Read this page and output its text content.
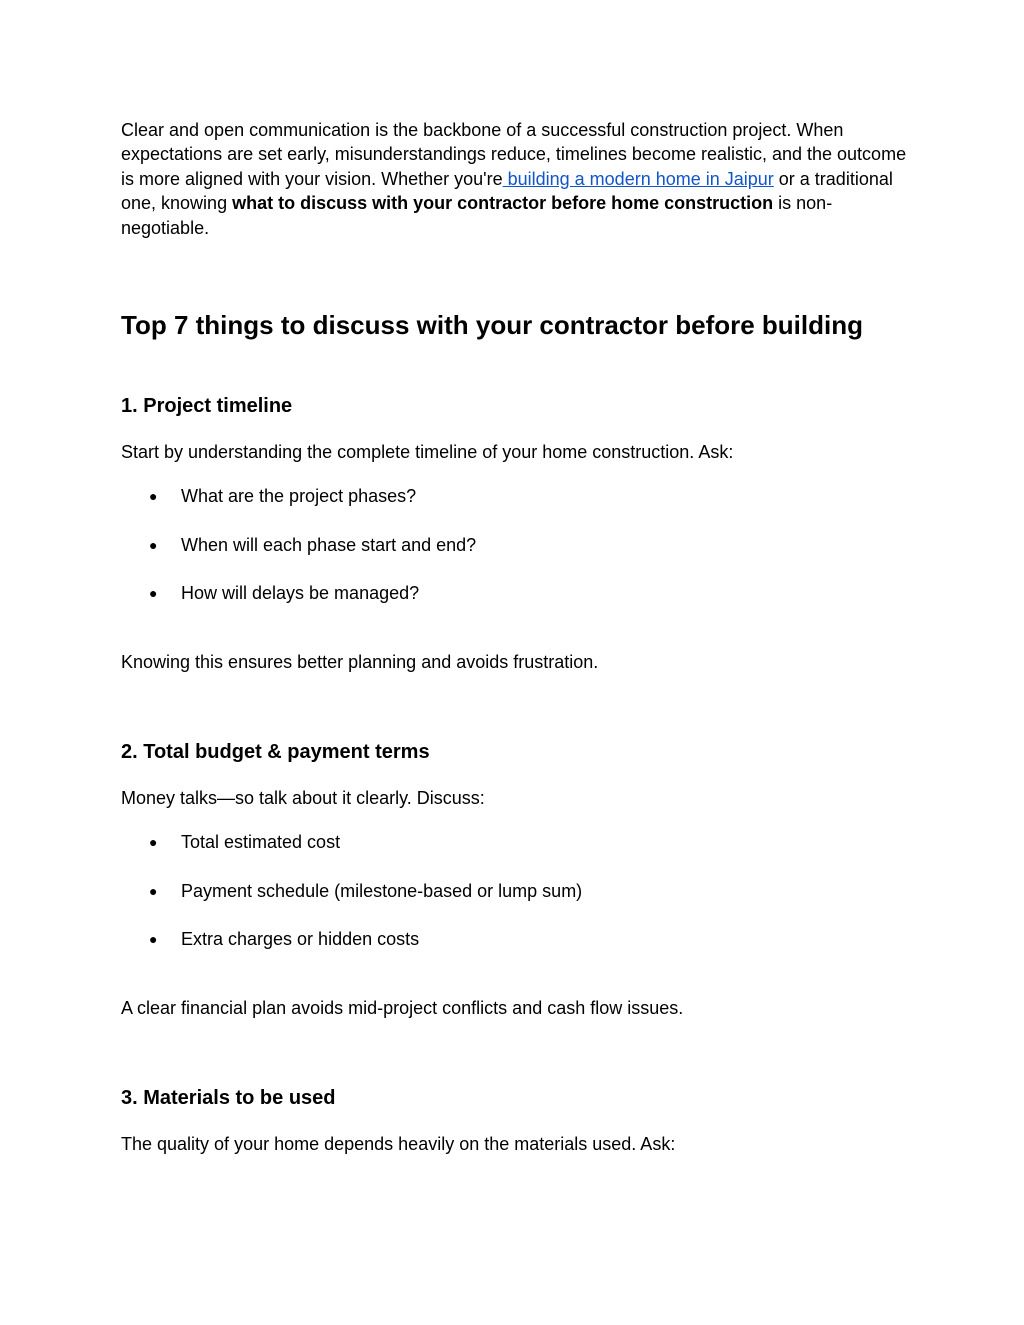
Clear and open communication is the backbone of a successful construction project. When expectations are set early, misunderstandings reduce, timelines become realistic, and the outcome is more aligned with your vision. Whether you're building a modern home in Jaipur or a traditional one, knowing what to discuss with your contractor before home construction is non-negotiable.

Top 7 things to discuss with your contractor before building
1. Project timeline

Start by understanding the complete timeline of your home construction. Ask:

● What are the project phases?
● When will each phase start and end?
● How will delays be managed?

Knowing this ensures better planning and avoids frustration.

2. Total budget & payment terms

Money talks—so talk about it clearly. Discuss:

● Total estimated cost
● Payment schedule (milestone-based or lump sum)
● Extra charges or hidden costs

A clear financial plan avoids mid-project conflicts and cash flow issues.

3. Materials to be used

The quality of your home depends heavily on the materials used. Ask:
